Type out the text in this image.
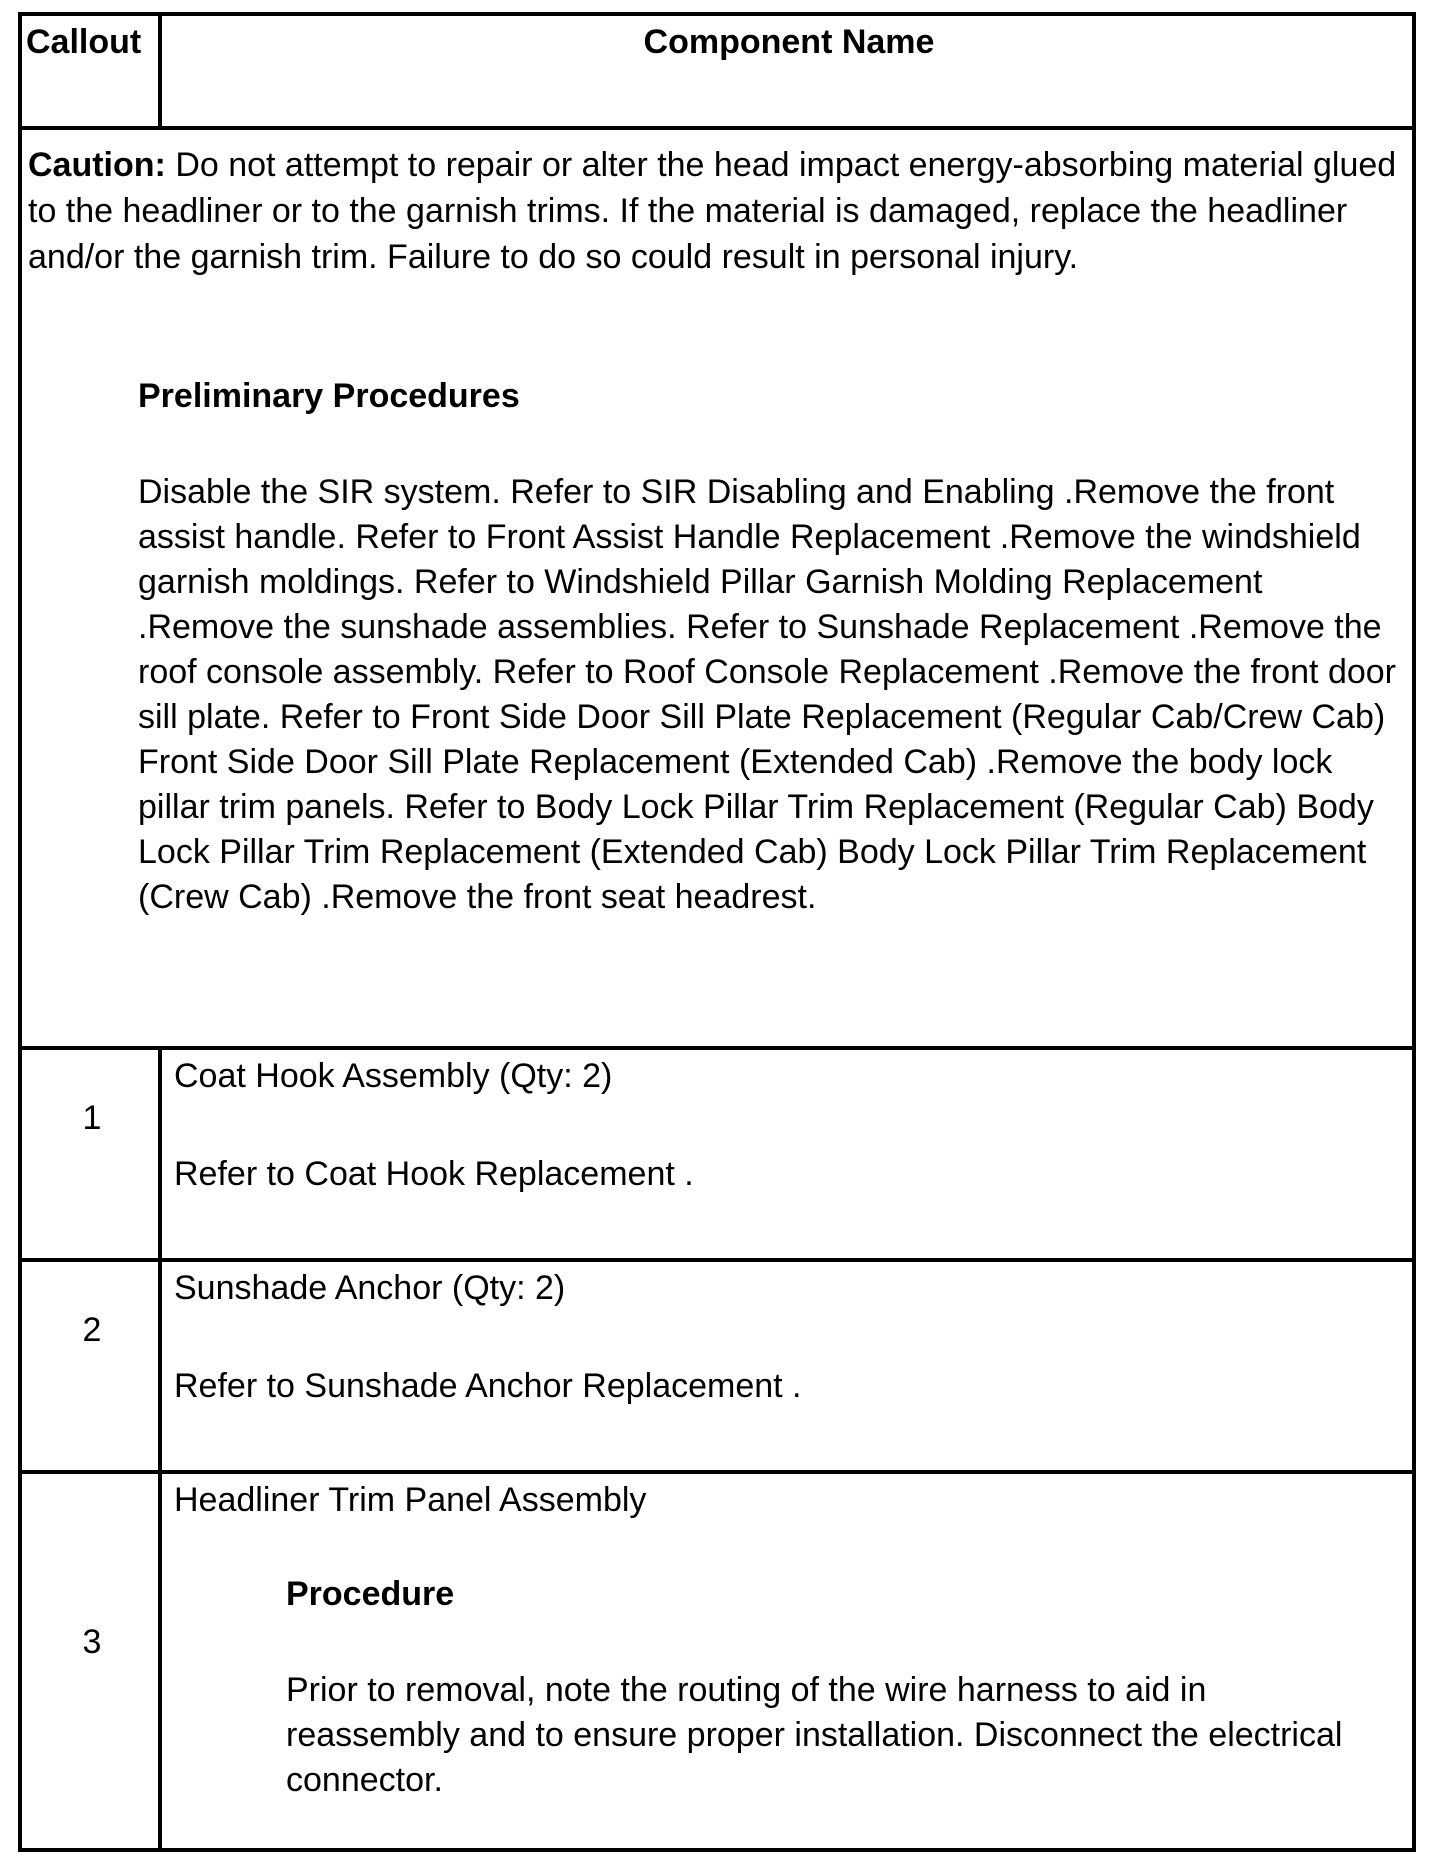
Callout	Component Name

Caution: Do not attempt to repair or alter the head impact energy-absorbing material glued to the headliner or to the garnish trims. If the material is damaged, replace the headliner and/or the garnish trim. Failure to do so could result in personal injury.

Preliminary Procedures

Disable the SIR system. Refer to SIR Disabling and Enabling .Remove the front assist handle. Refer to Front Assist Handle Replacement .Remove the windshield garnish moldings. Refer to Windshield Pillar Garnish Molding Replacement .Remove the sunshade assemblies. Refer to Sunshade Replacement .Remove the roof console assembly. Refer to Roof Console Replacement .Remove the front door sill plate. Refer to Front Side Door Sill Plate Replacement (Regular Cab/Crew Cab) Front Side Door Sill Plate Replacement (Extended Cab) .Remove the body lock pillar trim panels. Refer to Body Lock Pillar Trim Replacement (Regular Cab) Body Lock Pillar Trim Replacement (Extended Cab) Body Lock Pillar Trim Replacement (Crew Cab) .Remove the front seat headrest.

1
Coat Hook Assembly (Qty: 2)
Refer to Coat Hook Replacement .
2
Sunshade Anchor (Qty: 2)
Refer to Sunshade Anchor Replacement .
3
Headliner Trim Panel Assembly

Procedure

Prior to removal, note the routing of the wire harness to aid in reassembly and to ensure proper installation. Disconnect the electrical connector.
